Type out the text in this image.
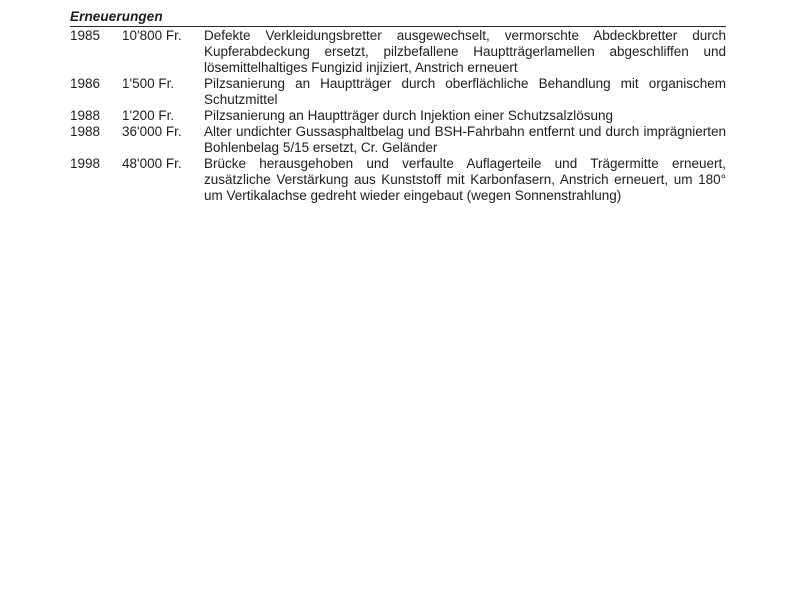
Erneuerungen
1985	10'800 Fr.	Defekte Verkleidungsbretter ausgewechselt, vermorschte Abdeckbretter durch Kupferabdeckung ersetzt, pilzbefallene Hauptträgerlamellen abgeschliffen und lösemittelhaltiges Fungizid injiziert, Anstrich erneuert
1986	1'500 Fr.	Pilzsanierung an Hauptträger durch oberflächliche Behandlung mit organischem Schutzmittel
1988	1'200 Fr.	Pilzsanierung an Hauptträger durch Injektion einer Schutzsalzlösung
1988	36'000 Fr.	Alter undichter Gussasphaltbelag und BSH-Fahrbahn entfernt und durch imprägnierten Bohlenbelag 5/15 ersetzt, Cr. Geländer
1998	48'000 Fr.	Brücke herausgehoben und verfaulte Auflagerteile und Trägermitte erneuert, zusätzliche Verstärkung aus Kunststoff mit Karbonfasern, Anstrich erneuert, um 180° um Vertikalachse gedreht wieder eingebaut (wegen Sonnenstrahlung)
